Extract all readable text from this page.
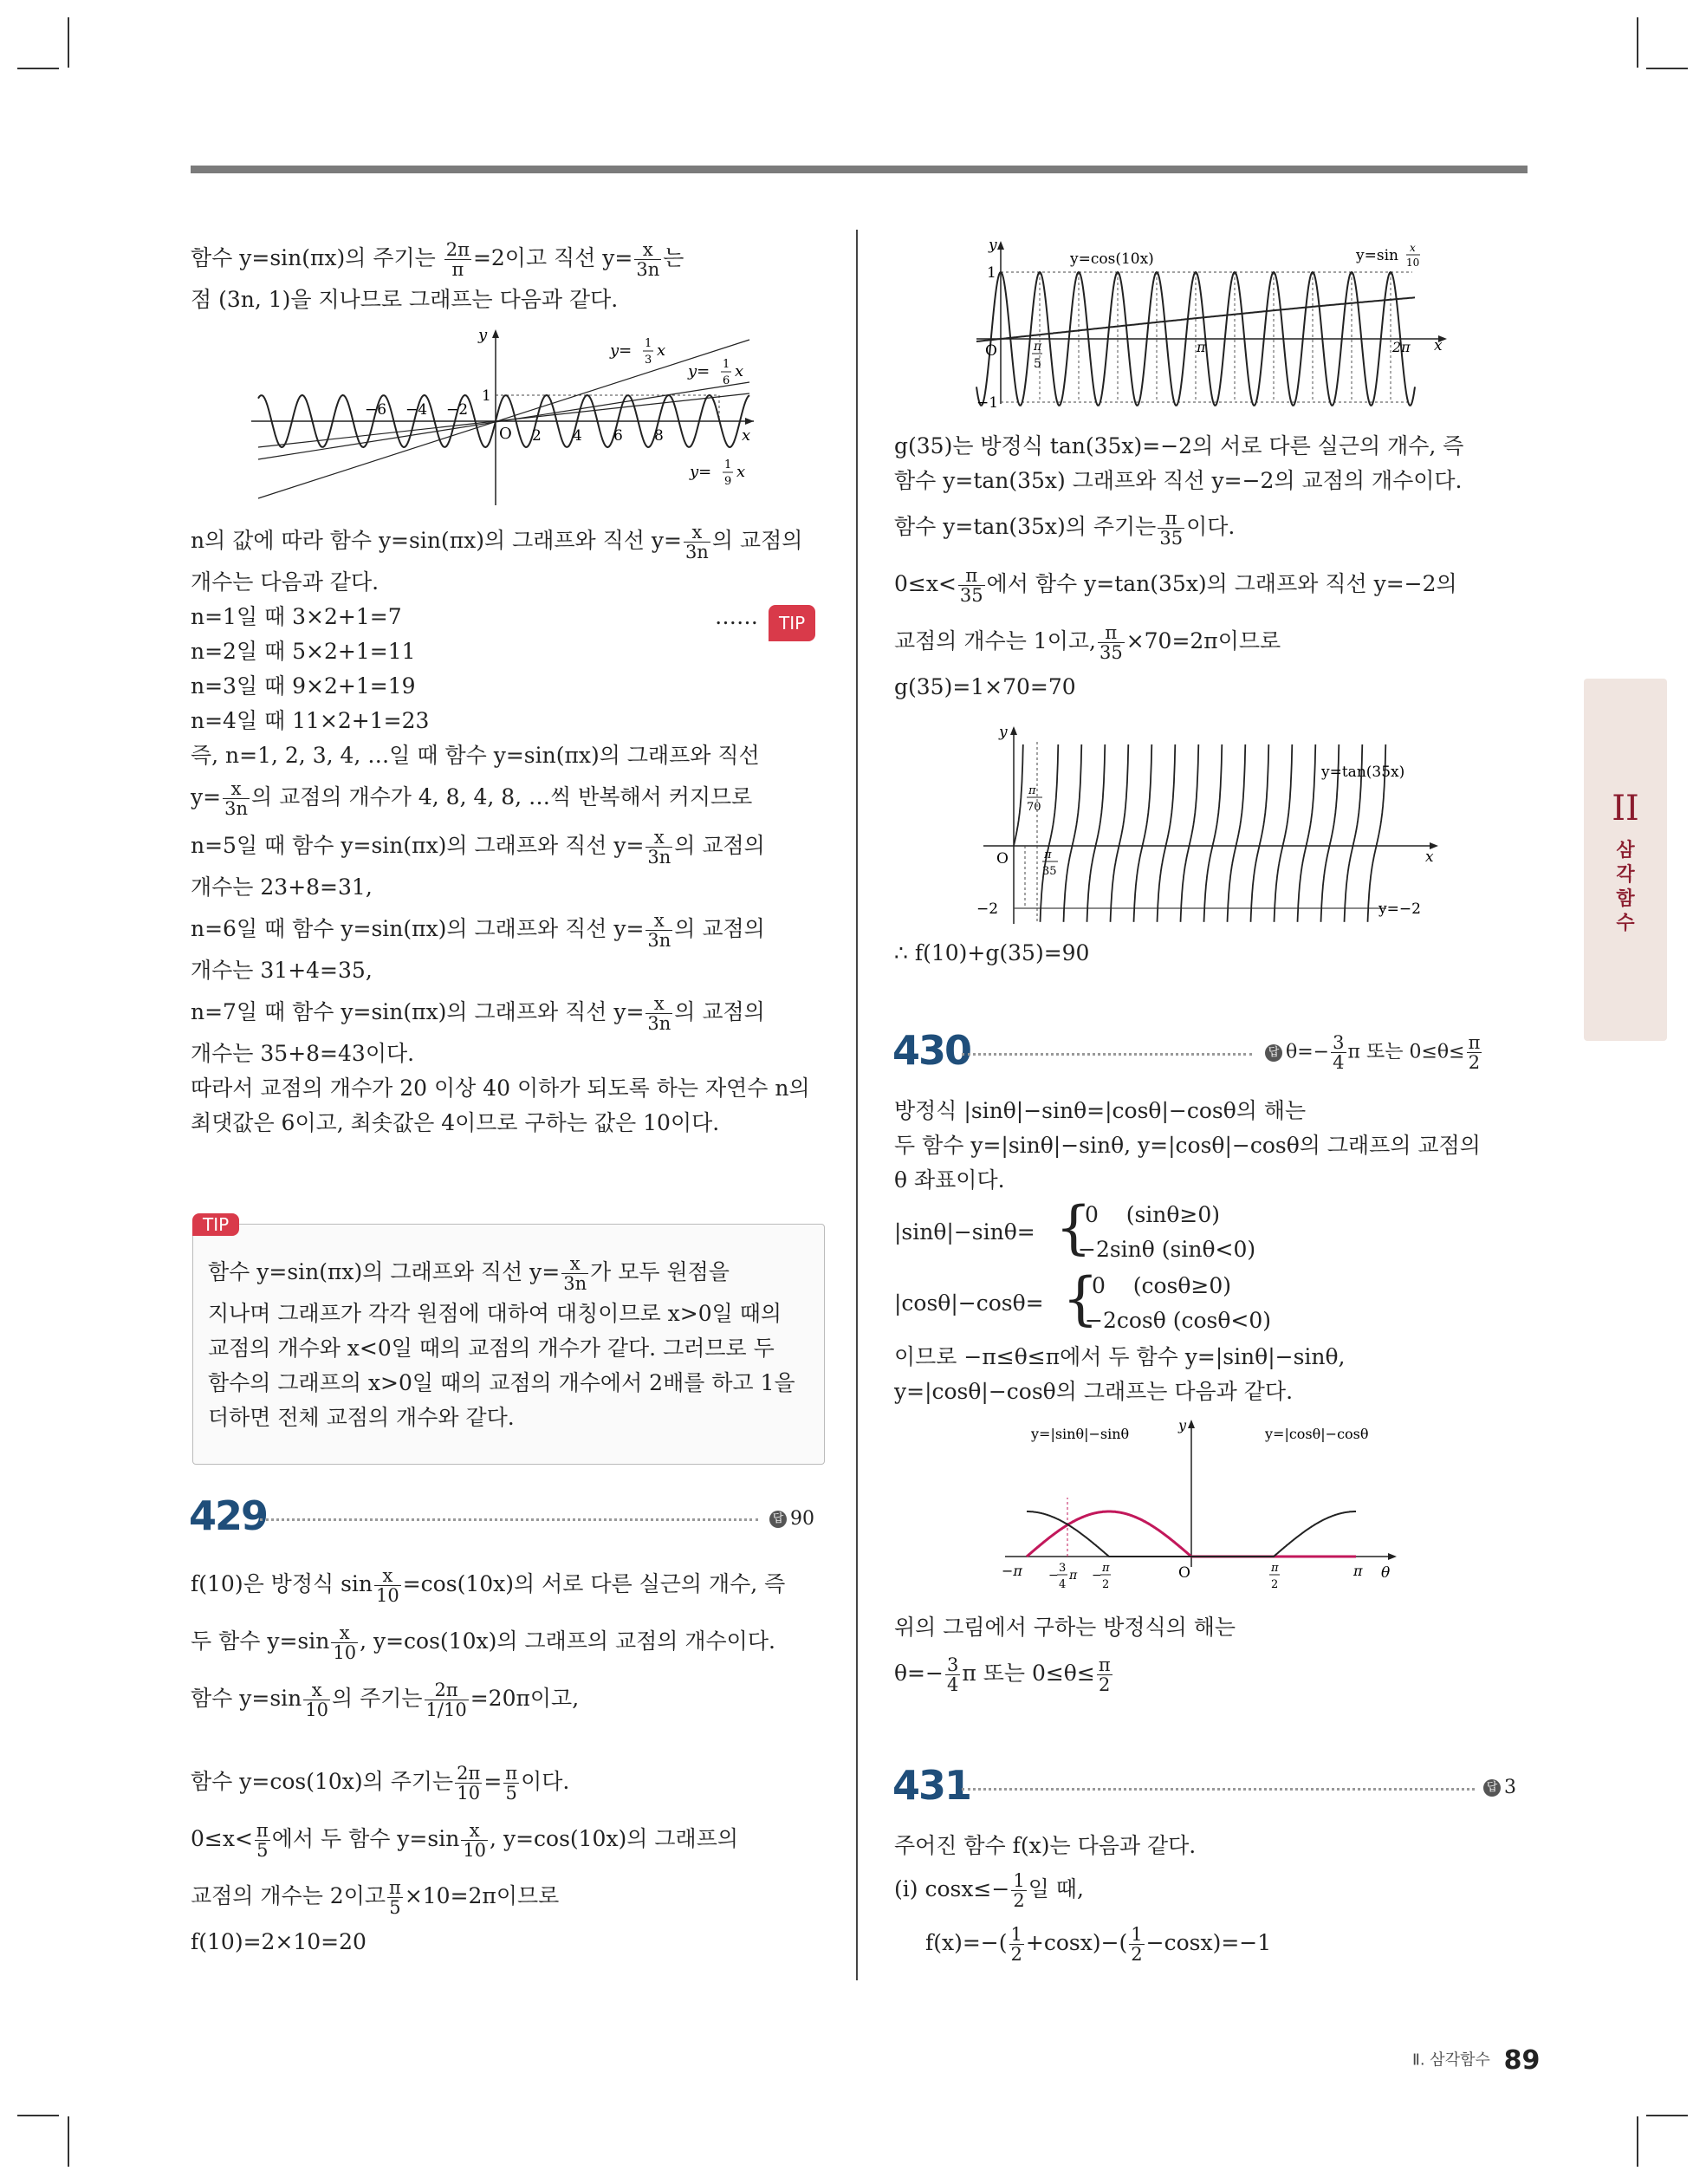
함수 y=sin(πx)의 주기는 $\frac{2\pi}{\pi} =2$이고 직선 $y= \frac{x}{3n}$ 는
점 (3n, 1)을 지나므로 그래프는 다음과 같다.
y
x
O
1
−6 −4 −2
2 4 6 8
y= 1
3
x
y= 1
6
x
y= 1
9
x
n의 값에 따라 함수 y=sin(πx)의 그래프와 직선 $y= \frac{x}{3n}$ 의 교점의
개수는 다음과 같다.
n=1일 때 3×2+1=7	……	TIP
n=2일 때 5×2+1=11
n=3일 때 9×2+1=19
n=4일 때 11×2+1=23
즉, n=1, 2, 3, 4, …일 때 함수 y=sin(πx)의 그래프와 직선
$y= \frac{x}{3n}$ 의 교점의 개수가 4, 8, 4, 8, …씩 반복해서 커지므로
n=5일 때 함수 y=sin(πx)의 그래프와 직선 $y= \frac{x}{3n}$ 의 교점의
개수는 23+8=31,
n=6일 때 함수 y=sin(πx)의 그래프와 직선 $y= \frac{x}{3n}$ 의 교점의
개수는 31+4=35,
n=7일 때 함수 y=sin(πx)의 그래프와 직선 $y= \frac{x}{3n}$ 의 교점의
개수는 35+8=43이다.
따라서 교점의 개수가 20 이상 40 이하가 되도록 하는 자연수 n의
최댓값은 6이고, 최솟값은 4이므로 구하는 값은 10이다.
TIP
함수 y=sin(πx)의 그래프와 직선 $y= \frac{x}{3n}$ 가 모두 원점을
지나며 그래프가 각각 원점에 대하여 대칭이므로 x>0일 때의
교점의 개수와 x<0일 때의 교점의 개수가 같다. 그러므로 두
함수의 그래프의 x>0일 때의 교점의 개수에서 2배를 하고 1을
더하면 전체 교점의 개수와 같다.
429	답 90
f(10)은 방정식 $\sin \frac{x}{10} =\cos(10x)$의 서로 다른 실근의 개수, 즉
두 함수 $y=\sin \frac{x}{10}$ , y=cos(10x)의 그래프의 교점의 개수이다.
함수 $y=\sin \frac{x}{10}$ 의 주기는 $\frac{2\pi}{1/10} =20\pi$이고,
함수 y=cos(10x)의 주기는 $\frac{2\pi}{10} = \frac{\pi}{5}$ 이다.
$0\le x< \frac{\pi}{5}$ 에서 두 함수 $y=\sin \frac{x}{10}$ , y=cos(10x)의 그래프의
교점의 개수는 2이고 $\frac{\pi}{5} \times 10=2\pi$이므로
f(10)=2×10=20
y
x
O
1
−1
y=cos(10x)	y=sin x
10
π
5
π	2π
g(35)는 방정식 tan(35x)=−2의 서로 다른 실근의 개수, 즉
함수 y=tan(35x) 그래프와 직선 y=−2의 교점의 개수이다.
함수 y=tan(35x)의 주기는 $\frac{\pi}{35}$ 이다.
$0\le x< \frac{\pi}{35}$ 에서 함수 y=tan(35x)의 그래프와 직선 y=−2의
교점의 개수는 1이고, $\frac{\pi}{35} \times 70=2\pi$이므로
g(35)=1×70=70
y
x
O
−2
y=tan(35x)
y=−2
π
70
π
35
∴ f(10)+g(35)=90
430	답 $\theta=- \frac{3}{4}$ π 또는 $0\le\theta\le \frac{\pi}{2}$
방정식 |sinθ|−sinθ=|cosθ|−cosθ의 해는
두 함수 y=|sinθ|−sinθ, y=|cosθ|−cosθ의 그래프의 교점의
θ 좌표이다.
|sinθ|−sinθ= {
0    (sinθ≥0)
−2sinθ (sinθ<0)
|cosθ|−cosθ= {
0    (cosθ≥0)
−2cosθ (cosθ<0)
이므로 −π≤θ≤π에서 두 함수 y=|sinθ|−sinθ,
y=|cosθ|−cosθ의 그래프는 다음과 같다.
y
θ
O
y=|sinθ|−sinθ	y=|cosθ|−cosθ
−π −
3
4
π −
π
2
π
2
π
위의 그림에서 구하는 방정식의 해는
$\theta=- \frac{3}{4}$ π 또는 $0\le\theta\le \frac{\pi}{2}$
431	답 3
주어진 함수 f(x)는 다음과 같다.
(i) $\cos x\le- \frac{1}{2}$ 일 때,
$f(x)=-( \frac{1}{2} +\cos x)-( \frac{1}{2} -\cos x)=-1$
II
삼
각
함
수
Ⅱ. 삼각함수 89
